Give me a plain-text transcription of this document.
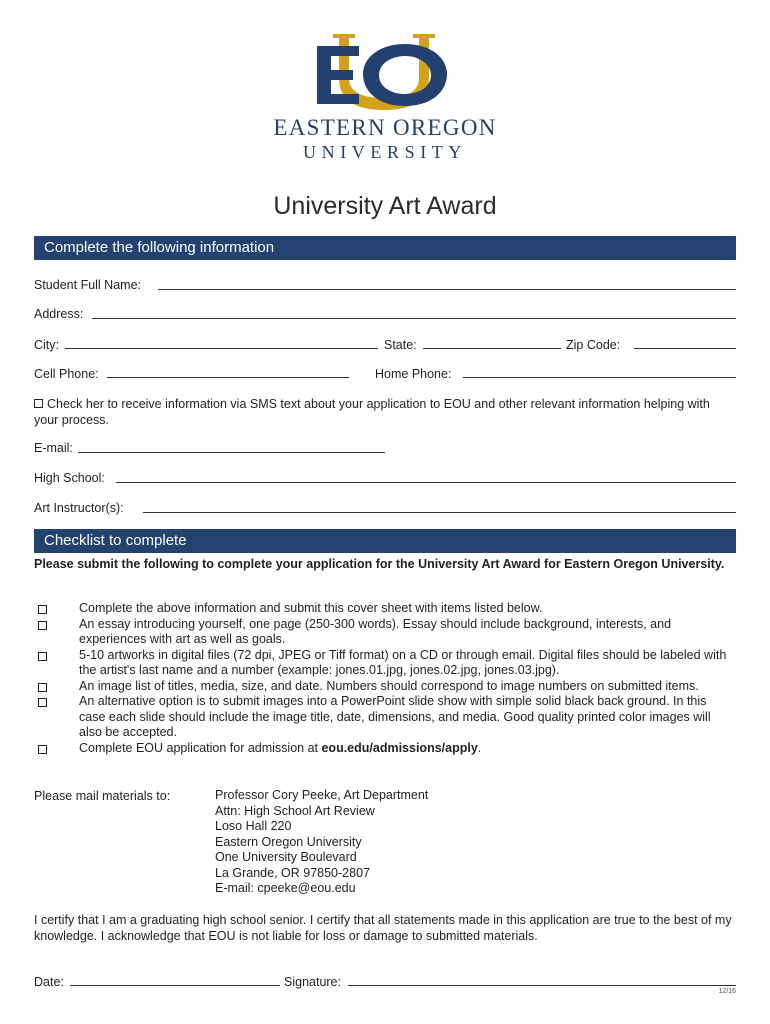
EASTERN OREGON
UNIVERSITY
University Art Award
Complete the following information
Student Full Name:
Address:
City:	State:	Zip Code:
Cell Phone:	Home Phone:
Check her to receive information via SMS text about your application to EOU and other relevant information helping with your process.
E-mail:
High School:
Art Instructor(s):
Checklist to complete
Please submit the following to complete your application for the University Art Award for Eastern Oregon University.
Complete the above information and submit this cover sheet with items listed below.
An essay introducing yourself, one page (250-300 words). Essay should include background, interests, and experiences with art as well as goals.
5-10 artworks in digital files (72 dpi, JPEG or Tiff format) on a CD or through email. Digital files should be labeled with the artist's last name and a number (example: jones.01.jpg, jones.02.jpg, jones.03.jpg).
An image list of titles, media, size, and date. Numbers should correspond to image numbers on submitted items.
An alternative option is to submit images into a PowerPoint slide show with simple solid black back ground. In this case each slide should include the image title, date, dimensions, and media. Good quality printed color images will also be accepted.
Complete EOU application for admission at eou.edu/admissions/apply.
Please mail materials to:	Professor Cory Peeke, Art Department
Attn: High School Art Review
Loso Hall 220
Eastern Oregon University
One University Boulevard
La Grande, OR 97850-2807
E-mail: cpeeke@eou.edu
I certify that I am a graduating high school senior. I certify that all statements made in this application are true to the best of my knowledge. I acknowledge that EOU is not liable for loss or damage to submitted materials.
Date:	Signature:
12/16
